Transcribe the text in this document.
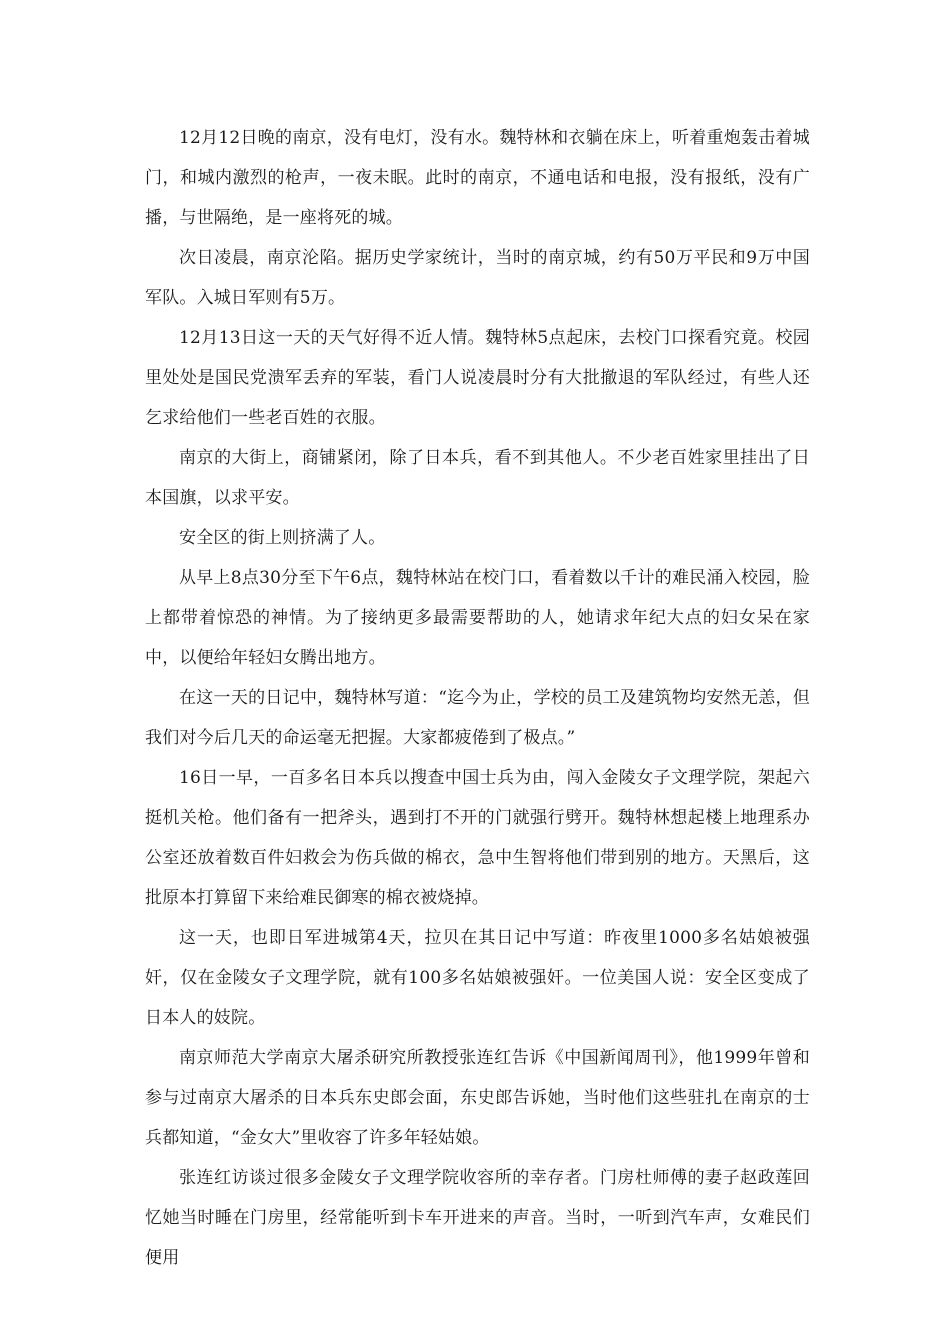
12月12日晚的南京，没有电灯，没有水。魏特林和衣躺在床上，听着重炮轰击着城门，和城内激烈的枪声，一夜未眠。此时的南京，不通电话和电报，没有报纸，没有广播，与世隔绝，是一座将死的城。

次日凌晨，南京沦陷。据历史学家统计，当时的南京城，约有50万平民和9万中国军队。入城日军则有5万。

12月13日这一天的天气好得不近人情。魏特林5点起床，去校门口探看究竟。校园里处处是国民党溃军丢弃的军装，看门人说凌晨时分有大批撤退的军队经过，有些人还乞求给他们一些老百姓的衣服。

南京的大街上，商铺紧闭，除了日本兵，看不到其他人。不少老百姓家里挂出了日本国旗，以求平安。

安全区的街上则挤满了人。

从早上8点30分至下午6点，魏特林站在校门口，看着数以千计的难民涌入校园，脸上都带着惊恐的神情。为了接纳更多最需要帮助的人，她请求年纪大点的妇女呆在家中，以便给年轻妇女腾出地方。

在这一天的日记中，魏特林写道：“迄今为止，学校的员工及建筑物均安然无恙，但我们对今后几天的命运毫无把握。大家都疲倦到了极点。”

16日一早，一百多名日本兵以搜查中国士兵为由，闯入金陵女子文理学院，架起六挺机关枪。他们备有一把斧头，遇到打不开的门就强行劈开。魏特林想起楼上地理系办公室还放着数百件妇救会为伤兵做的棉衣，急中生智将他们带到别的地方。天黑后，这批原本打算留下来给难民御寒的棉衣被烧掉。

这一天，也即日军进城第4天，拉贝在其日记中写道：昨夜里1000多名姑娘被强奸，仅在金陵女子文理学院，就有100多名姑娘被强奸。一位美国人说：安全区变成了日本人的妓院。

南京师范大学南京大屠杀研究所教授张连红告诉《中国新闻周刊》，他1999年曾和参与过南京大屠杀的日本兵东史郎会面，东史郎告诉她，当时他们这些驻扎在南京的士兵都知道，“金女大”里收容了许多年轻姑娘。

张连红访谈过很多金陵女子文理学院收容所的幸存者。门房杜师傅的妻子赵政莲回忆她当时睡在门房里，经常能听到卡车开进来的声音。当时，一听到汽车声，女难民们便用
